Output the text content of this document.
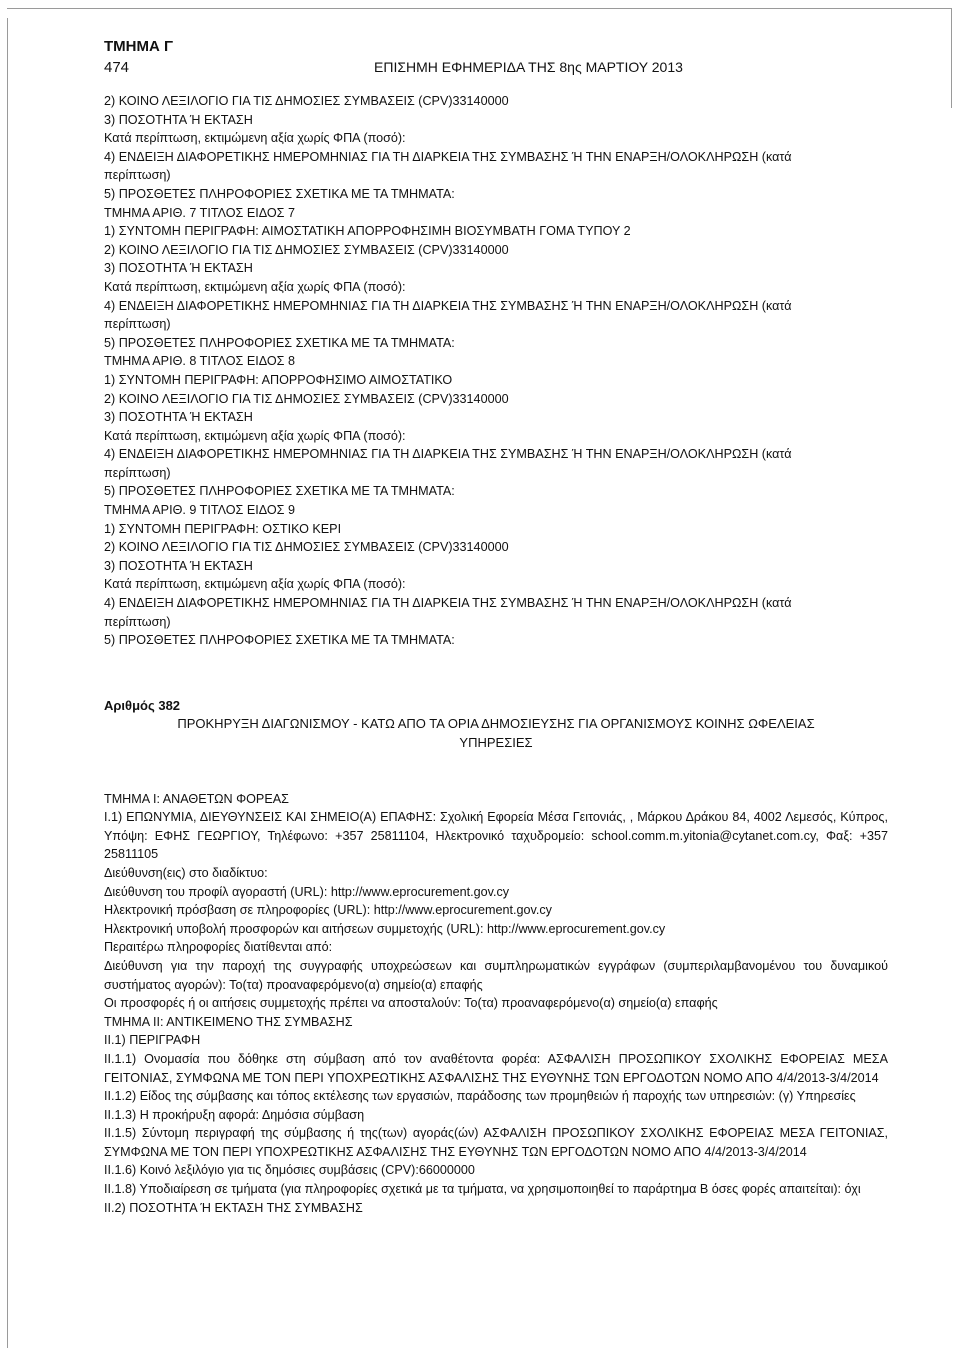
ΤΜΗΜΑ Γ
474	ΕΠΙΣΗΜΗ ΕΦΗΜΕΡΙΔΑ ΤΗΣ 8ης ΜΑΡΤΙΟΥ 2013
2) ΚΟΙΝΟ ΛΕΞΙΛΟΓΙΟ ΓΙΑ ΤΙΣ ΔΗΜΟΣΙΕΣ ΣΥΜΒΑΣΕΙΣ (CPV)33140000
3) ΠΟΣΟΤΗΤΑ Ή ΕΚΤΑΣΗ
Κατά περίπτωση, εκτιμώμενη αξία χωρίς ΦΠΑ (ποσό):
4) ΕΝΔΕΙΞΗ ΔΙΑΦΟΡΕΤΙΚΗΣ ΗΜΕΡΟΜΗΝΙΑΣ ΓΙΑ ΤΗ ΔΙΑΡΚΕΙΑ ΤΗΣ ΣΥΜΒΑΣΗΣ Ή ΤΗΝ ΕΝΑΡΞΗ/ΟΛΟΚΛΗΡΩΣΗ (κατά
περίπτωση)
5) ΠΡΟΣΘΕΤΕΣ ΠΛΗΡΟΦΟΡΙΕΣ ΣΧΕΤΙΚΑ ΜΕ ΤΑ ΤΜΗΜΑΤΑ:
ΤΜΗΜΑ ΑΡΙΘ. 7 ΤΙΤΛΟΣ ΕΙΔΟΣ 7
1) ΣΥΝΤΟΜΗ ΠΕΡΙΓΡΑΦΗ: ΑΙΜΟΣΤΑΤΙΚΗ ΑΠΟΡΡΟΦΗΣΙΜΗ ΒΙΟΣΥΜΒΑΤΗ ΓΟΜΑ ΤΥΠΟΥ 2
2) ΚΟΙΝΟ ΛΕΞΙΛΟΓΙΟ ΓΙΑ ΤΙΣ ΔΗΜΟΣΙΕΣ ΣΥΜΒΑΣΕΙΣ (CPV)33140000
3) ΠΟΣΟΤΗΤΑ Ή ΕΚΤΑΣΗ
Κατά περίπτωση, εκτιμώμενη αξία χωρίς ΦΠΑ (ποσό):
4) ΕΝΔΕΙΞΗ ΔΙΑΦΟΡΕΤΙΚΗΣ ΗΜΕΡΟΜΗΝΙΑΣ ΓΙΑ ΤΗ ΔΙΑΡΚΕΙΑ ΤΗΣ ΣΥΜΒΑΣΗΣ Ή ΤΗΝ ΕΝΑΡΞΗ/ΟΛΟΚΛΗΡΩΣΗ (κατά
περίπτωση)
5) ΠΡΟΣΘΕΤΕΣ ΠΛΗΡΟΦΟΡΙΕΣ ΣΧΕΤΙΚΑ ΜΕ ΤΑ ΤΜΗΜΑΤΑ:
ΤΜΗΜΑ ΑΡΙΘ. 8 ΤΙΤΛΟΣ ΕΙΔΟΣ 8
1) ΣΥΝΤΟΜΗ ΠΕΡΙΓΡΑΦΗ: ΑΠΟΡΡΟΦΗΣΙΜΟ ΑΙΜΟΣΤΑΤΙΚΟ
2) ΚΟΙΝΟ ΛΕΞΙΛΟΓΙΟ ΓΙΑ ΤΙΣ ΔΗΜΟΣΙΕΣ ΣΥΜΒΑΣΕΙΣ (CPV)33140000
3) ΠΟΣΟΤΗΤΑ Ή ΕΚΤΑΣΗ
Κατά περίπτωση, εκτιμώμενη αξία χωρίς ΦΠΑ (ποσό):
4) ΕΝΔΕΙΞΗ ΔΙΑΦΟΡΕΤΙΚΗΣ ΗΜΕΡΟΜΗΝΙΑΣ ΓΙΑ ΤΗ ΔΙΑΡΚΕΙΑ ΤΗΣ ΣΥΜΒΑΣΗΣ Ή ΤΗΝ ΕΝΑΡΞΗ/ΟΛΟΚΛΗΡΩΣΗ (κατά
περίπτωση)
5) ΠΡΟΣΘΕΤΕΣ ΠΛΗΡΟΦΟΡΙΕΣ ΣΧΕΤΙΚΑ ΜΕ ΤΑ ΤΜΗΜΑΤΑ:
ΤΜΗΜΑ ΑΡΙΘ. 9 ΤΙΤΛΟΣ ΕΙΔΟΣ 9
1) ΣΥΝΤΟΜΗ ΠΕΡΙΓΡΑΦΗ: ΟΣΤΙΚΟ ΚΕΡΙ
2) ΚΟΙΝΟ ΛΕΞΙΛΟΓΙΟ ΓΙΑ ΤΙΣ ΔΗΜΟΣΙΕΣ ΣΥΜΒΑΣΕΙΣ (CPV)33140000
3) ΠΟΣΟΤΗΤΑ Ή ΕΚΤΑΣΗ
Κατά περίπτωση, εκτιμώμενη αξία χωρίς ΦΠΑ (ποσό):
4) ΕΝΔΕΙΞΗ ΔΙΑΦΟΡΕΤΙΚΗΣ ΗΜΕΡΟΜΗΝΙΑΣ ΓΙΑ ΤΗ ΔΙΑΡΚΕΙΑ ΤΗΣ ΣΥΜΒΑΣΗΣ Ή ΤΗΝ ΕΝΑΡΞΗ/ΟΛΟΚΛΗΡΩΣΗ (κατά
περίπτωση)
5) ΠΡΟΣΘΕΤΕΣ ΠΛΗΡΟΦΟΡΙΕΣ ΣΧΕΤΙΚΑ ΜΕ ΤΑ ΤΜΗΜΑΤΑ:
Αριθμός 382
ΠΡΟΚΗΡΥΞΗ ΔΙΑΓΩΝΙΣΜΟΥ - ΚΑΤΩ ΑΠΟ ΤΑ ΟΡΙΑ ΔΗΜΟΣΙΕΥΣΗΣ ΓΙΑ ΟΡΓΑΝΙΣΜΟΥΣ ΚΟΙΝΗΣ ΩΦΕΛΕΙΑΣ
ΥΠΗΡΕΣΙΕΣ
ΤΜΗΜΑ Ι: ΑΝΑΘΕΤΩΝ ΦΟΡΕΑΣ
Ι.1) ΕΠΩΝΥΜΙΑ, ΔΙΕΥΘΥΝΣΕΙΣ ΚΑΙ ΣΗΜΕΙΟ(Α) ΕΠΑΦΗΣ: Σχολική Εφορεία Μέσα Γειτονιάς, , Μάρκου Δράκου 84, 4002 Λεμεσός, Κύπρος, Υπόψη: ΕΦΗΣ ΓΕΩΡΓΙΟΥ, Τηλέφωνο: +357 25811104, Ηλεκτρονικό ταχυδρομείο: school.comm.m.yitonia@cytanet.com.cy, Φαξ: +357 25811105
Διεύθυνση(εις) στο διαδίκτυο:
Διεύθυνση του προφίλ αγοραστή (URL): http://www.eprocurement.gov.cy
Ηλεκτρονική πρόσβαση σε πληροφορίες (URL): http://www.eprocurement.gov.cy
Ηλεκτρονική υποβολή προσφορών και αιτήσεων συμμετοχής (URL): http://www.eprocurement.gov.cy
Περαιτέρω πληροφορίες διατίθενται από:
Διεύθυνση για την παροχή της συγγραφής υποχρεώσεων και συμπληρωματικών εγγράφων (συμπεριλαμβανομένου του δυναμικού συστήματος αγορών): Το(τα) προαναφερόμενο(α) σημείο(α) επαφής
Οι προσφορές ή οι αιτήσεις συμμετοχής πρέπει να αποσταλούν: Το(τα) προαναφερόμενο(α) σημείο(α) επαφής
ΤΜΗΜΑ ΙΙ: ΑΝΤΙΚΕΙΜΕΝΟ ΤΗΣ ΣΥΜΒΑΣΗΣ
ΙΙ.1) ΠΕΡΙΓΡΑΦΗ
ΙΙ.1.1) Ονομασία που δόθηκε στη σύμβαση από τον αναθέτοντα φορέα: ΑΣΦΑΛΙΣΗ ΠΡΟΣΩΠΙΚΟΥ ΣΧΟΛΙΚΗΣ ΕΦΟΡΕΙΑΣ ΜΕΣΑ ΓΕΙΤΟΝΙΑΣ, ΣΥΜΦΩΝΑ ΜΕ ΤΟΝ ΠΕΡΙ ΥΠΟΧΡΕΩΤΙΚΗΣ ΑΣΦΑΛΙΣΗΣ ΤΗΣ ΕΥΘΥΝΗΣ ΤΩΝ ΕΡΓΟΔΟΤΩΝ ΝΟΜΟ ΑΠΟ 4/4/2013-3/4/2014
ΙΙ.1.2) Είδος της σύμβασης και τόπος εκτέλεσης των εργασιών, παράδοσης των προμηθειών ή παροχής των υπηρεσιών: (γ) Υπηρεσίες
ΙΙ.1.3) Η προκήρυξη αφορά: Δημόσια σύμβαση
ΙΙ.1.5) Σύντομη περιγραφή της σύμβασης ή της(των) αγοράς(ών) ΑΣΦΑΛΙΣΗ ΠΡΟΣΩΠΙΚΟΥ ΣΧΟΛΙΚΗΣ ΕΦΟΡΕΙΑΣ ΜΕΣΑ ΓΕΙΤΟΝΙΑΣ, ΣΥΜΦΩΝΑ ΜΕ ΤΟΝ ΠΕΡΙ ΥΠΟΧΡΕΩΤΙΚΗΣ ΑΣΦΑΛΙΣΗΣ ΤΗΣ ΕΥΘΥΝΗΣ ΤΩΝ ΕΡΓΟΔΟΤΩΝ ΝΟΜΟ ΑΠΟ 4/4/2013-3/4/2014
ΙΙ.1.6) Κοινό λεξιλόγιο για τις δημόσιες συμβάσεις (CPV):66000000
ΙΙ.1.8) Υποδιαίρεση σε τμήματα (για πληροφορίες σχετικά με τα τμήματα, να χρησιμοποιηθεί το παράρτημα Β όσες φορές απαιτείται): όχι
ΙΙ.2) ΠΟΣΟΤΗΤΑ Ή ΕΚΤΑΣΗ ΤΗΣ ΣΥΜΒΑΣΗΣ
